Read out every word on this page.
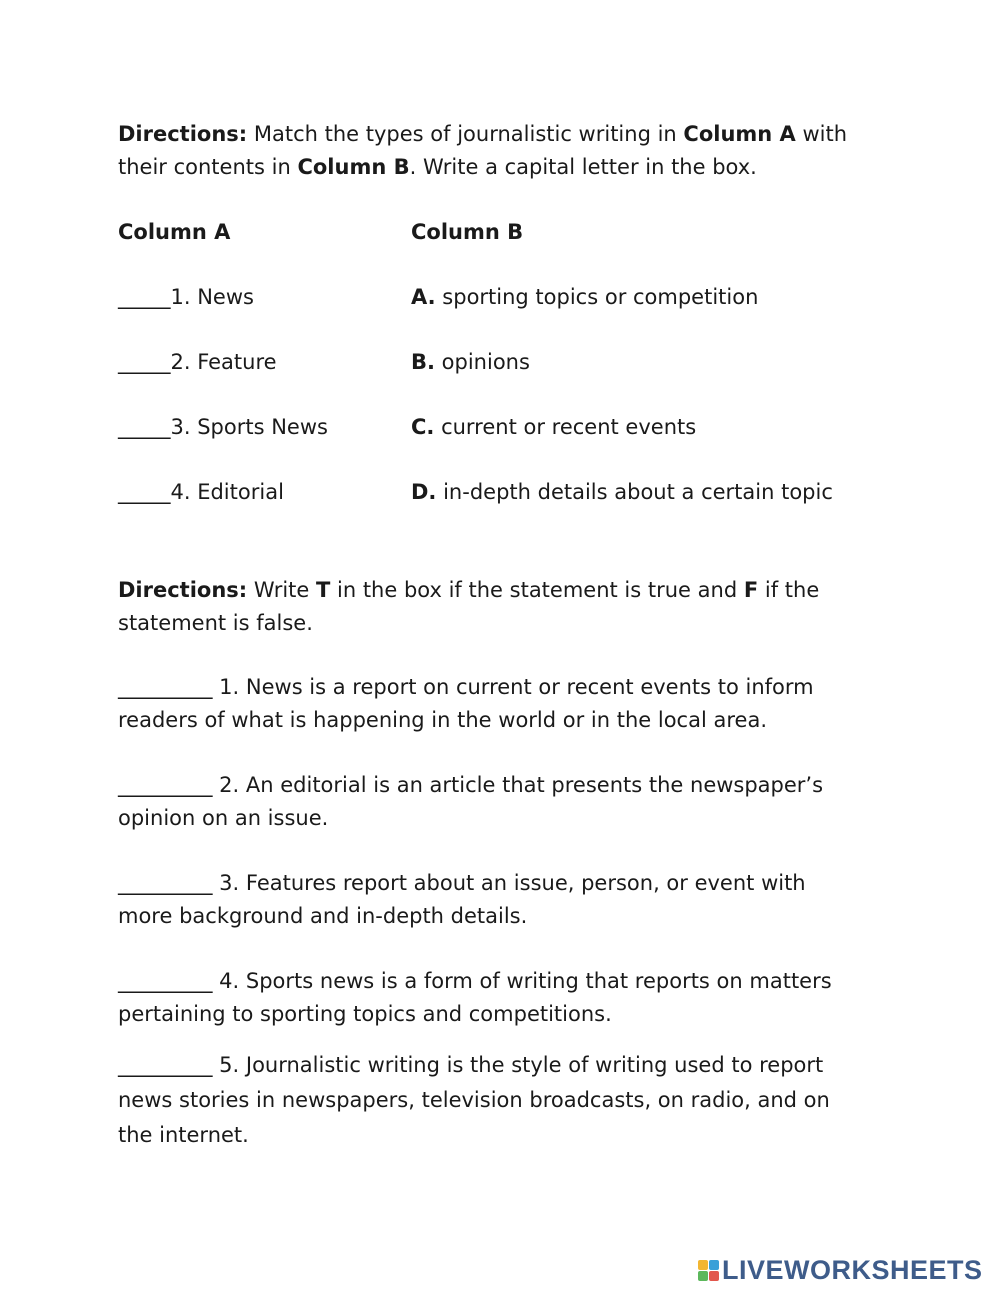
Directions: Match the types of journalistic writing in Column A with
their contents in Column B. Write a capital letter in the box.
Column A	Column B
_____1. News
_____2. Feature
_____3. Sports News
_____4. Editorial
A. sporting topics or competition
B. opinions
C. current or recent events
D. in-depth details about a certain topic
Directions: Write T in the box if the statement is true and F if the
statement is false.
_________ 1. News is a report on current or recent events to inform
readers of what is happening in the world or in the local area.
_________ 2. An editorial is an article that presents the newspaper’s
opinion on an issue.
_________ 3. Features report about an issue, person, or event with
more background and in-depth details.
_________ 4. Sports news is a form of writing that reports on matters
pertaining to sporting topics and competitions.
_________ 5. Journalistic writing is the style of writing used to report
news stories in newspapers, television broadcasts, on radio, and on
the internet.
LIVEWORKSHEETS
